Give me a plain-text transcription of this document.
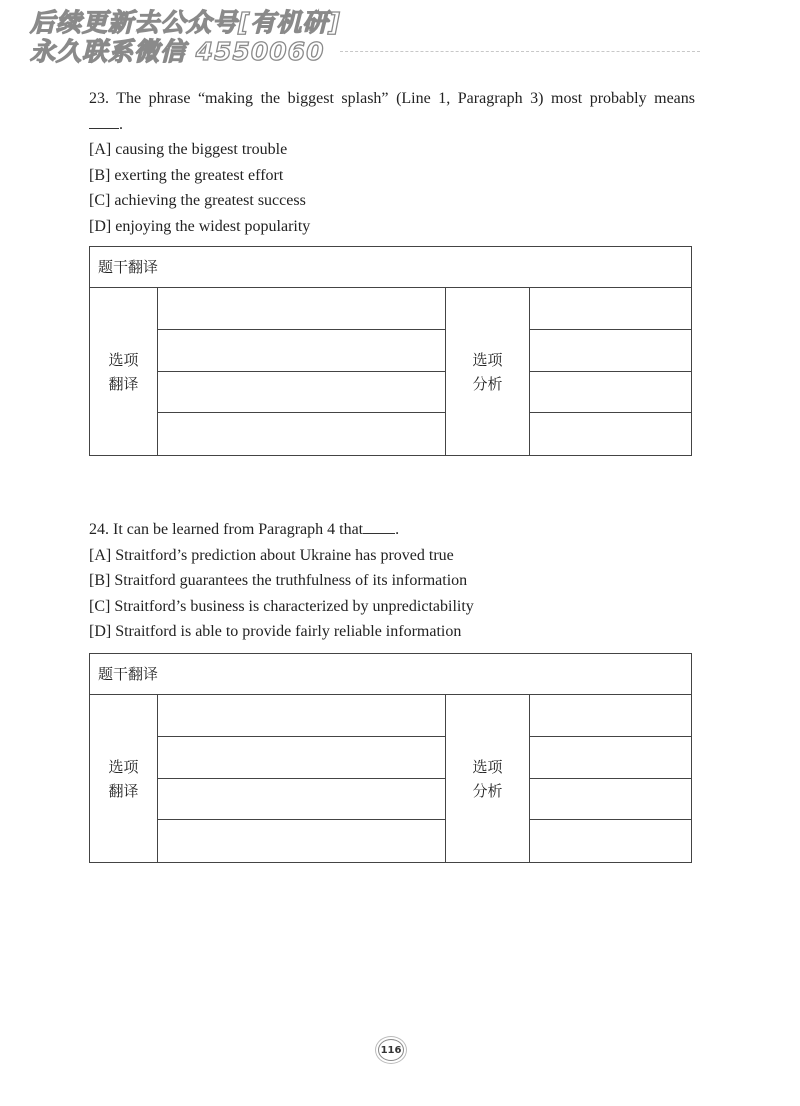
后续更新去公众号[有机研]
永久联系微信 4550060
23. The phrase “making the biggest splash” (Line 1, Paragraph 3) most probably means
.
[A] causing the biggest trouble
[B] exerting the greatest effort
[C] achieving the greatest success
[D] enjoying the widest popularity
题干翻译
选项
翻译
选项
分析
24. It can be learned from Paragraph 4 that .
[A] Straitford’s prediction about Ukraine has proved true
[B] Straitford guarantees the truthfulness of its information
[C] Straitford’s business is characterized by unpredictability
[D] Straitford is able to provide fairly reliable information
题干翻译
选项
翻译
选项
分析
116
